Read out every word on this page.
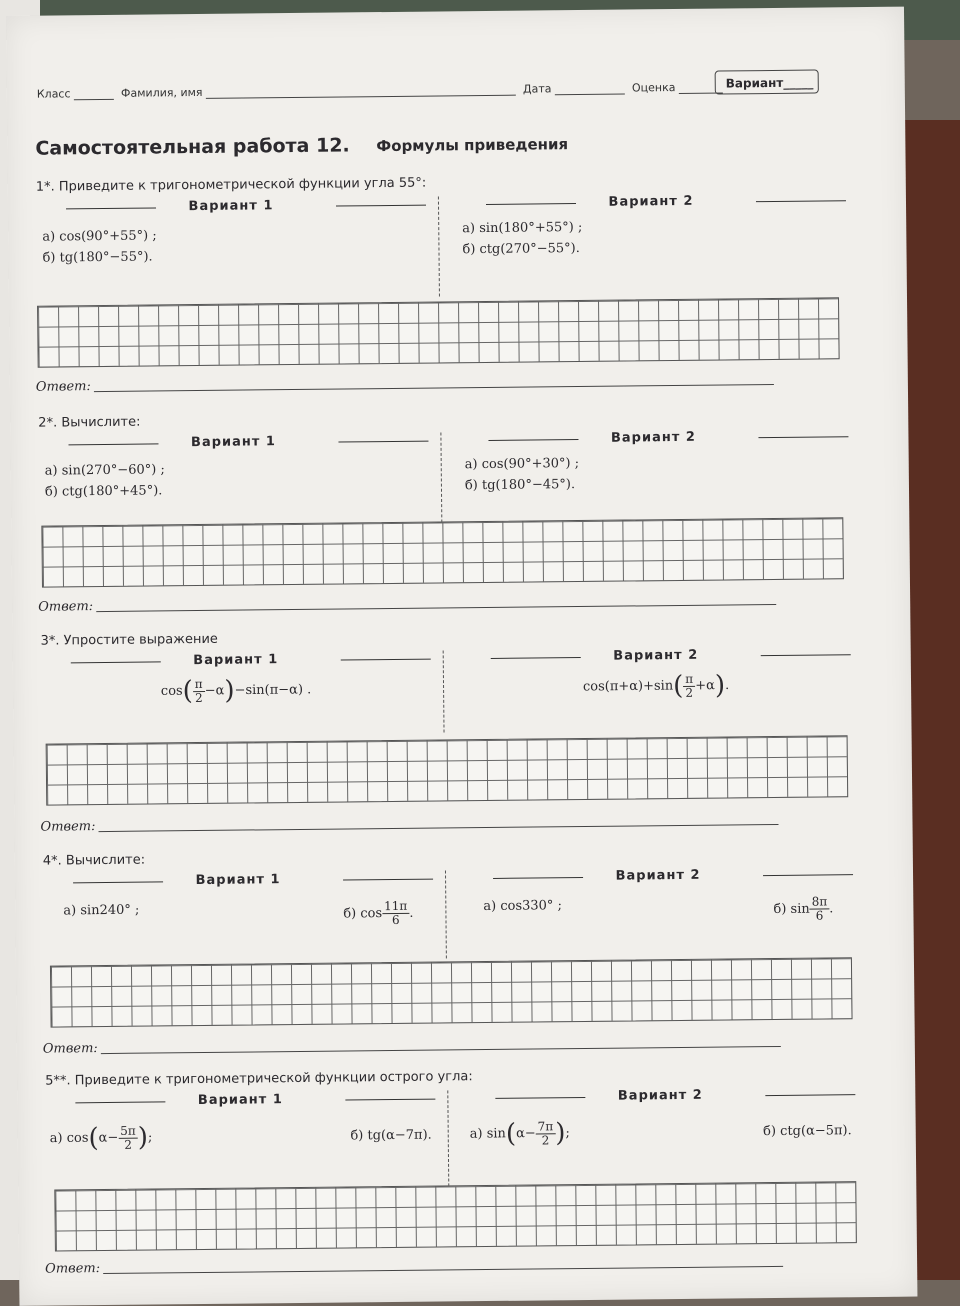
Класс	Фамилия, имя	Дата	Оценка	Вариант_____
Самостоятельная работа 12. Формулы приведения
1*. Приведите к тригонометрической функции угла 55°:
Вариант 1
а) cos(90°+55°) ;
б) tg(180°−55°).
Вариант 2
а) sin(180°+55°) ;
б) ctg(270°−55°).
Ответ:
2*. Вычислите:
Вариант 1
а) sin(270°−60°) ;
б) ctg(180°+45°).
Вариант 2
а) cos(90°+30°) ;
б) tg(180°−45°).
Ответ:
3*. Упростите выражение
Вариант 1
$\cos( \frac{\pi}{2} -\alpha)-\sin(\pi-\alpha)$ .
Вариант 2
$\cos(\pi+\alpha)+\sin( \frac{\pi}{2} +\alpha)$.
Ответ:
4*. Вычислите:
Вариант 1
а) sin240° ;	б) $\cos \frac{11\pi}{6}$ .
Вариант 2
а) cos330° ;	б) $\sin \frac{8\pi}{6}$ .
Ответ:
5**. Приведите к тригонометрической функции острого угла:
Вариант 1
а) $\cos(\alpha- \frac{5\pi}{2}$ );	б) tg(α−7π).
Вариант 2
а) $\sin(\alpha- \frac{7\pi}{2}$ );	б) ctg(α−5π).
Ответ:
